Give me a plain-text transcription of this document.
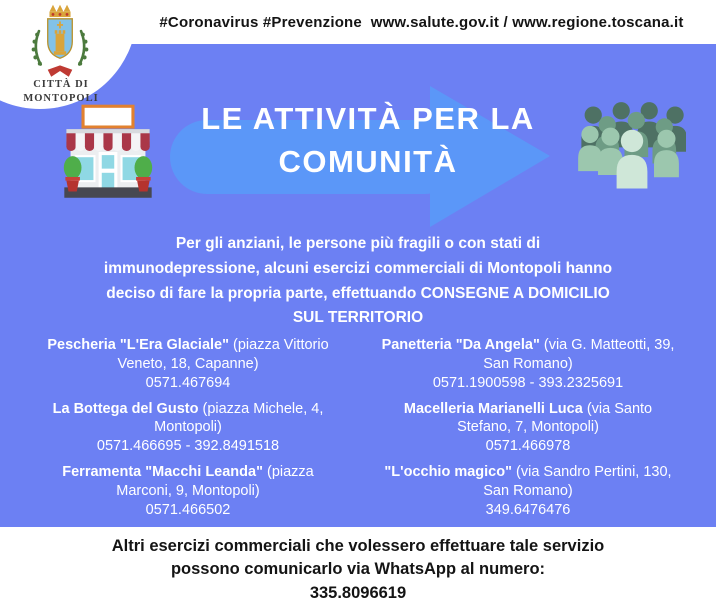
LE ATTIVITÀ PER LA
COMUNITÀ

Per gli anziani, le persone più fragili o con stati di immunodepressione, alcuni esercizi commerciali di Montopoli hanno deciso di fare la propria parte, effettuando CONSEGNE A DOMICILIO SUL TERRITORIO

Pescheria "L'Era Glaciale" (piazza Vittorio Veneto, 18, Capanne)
0571.467694
La Bottega del Gusto (piazza Michele, 4, Montopoli)
0571.466695 - 392.8491518
Ferramenta "Macchi Leanda" (piazza Marconi, 9, Montopoli)
0571.466502
Panetteria "Da Angela" (via G. Matteotti, 39, San Romano)
0571.1900598 - 393.2325691
Macelleria Marianelli Luca (via Santo Stefano, 7, Montopoli)
0571.466978
"L'occhio magico" (via Sandro Pertini, 130, San Romano)
349.6476476
#Coronavirus #Prevenzione  www.salute.gov.it / www.regione.toscana.it
CITTÀ DI
MONTOPOLI
Altri esercizi commerciali che volessero effettuare tale servizio
possono comunicarlo via WhatsApp al numero:
335.8096619
